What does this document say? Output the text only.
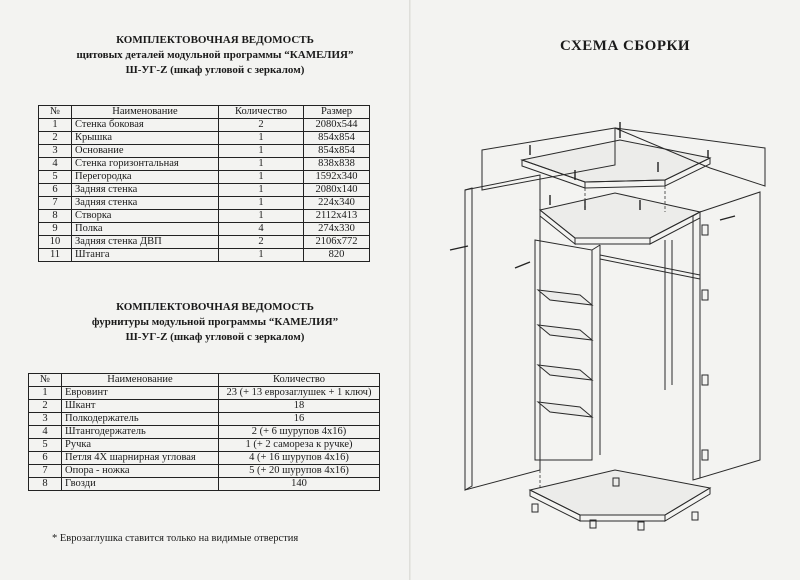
КОМПЛЕКТОВОЧНАЯ ВЕДОМОСТЬ
щитовых деталей модульной программы “КАМЕЛИЯ”
Ш-УГ-Z (шкаф угловой с зеркалом)
№	Наименование	Количество	Размер
1	Стенка боковая	2	2080х544
2	Крышка	1	854х854
3	Основание	1	854х854
4	Стенка горизонтальная	1	838х838
5	Перегородка	1	1592х340
6	Задняя стенка	1	2080х140
7	Задняя стенка	1	224х340
8	Створка	1	2112х413
9	Полка	4	274х330
10	Задняя стенка ДВП	2	2106х772
11	Штанга	1	820
КОМПЛЕКТОВОЧНАЯ ВЕДОМОСТЬ
фурнитуры модульной программы “КАМЕЛИЯ”
Ш-УГ-Z (шкаф угловой с зеркалом)
№	Наименование	Количество
1	Евровинт	23 (+ 13 еврозаглушек + 1 ключ)
2	Шкант	18
3	Полкодержатель	16
4	Штангодержатель	2 (+ 6 шурупов 4х16)
5	Ручка	1 (+ 2 самореза к ручке)
6	Петля 4Х шарнирная угловая	4 (+ 16 шурупов 4х16)
7	Опора - ножка	5 (+ 20 шурупов 4х16)
8	Гвозди	140
* Еврозаглушка ставится только на видимые отверстия
СХЕМА СБОРКИ
